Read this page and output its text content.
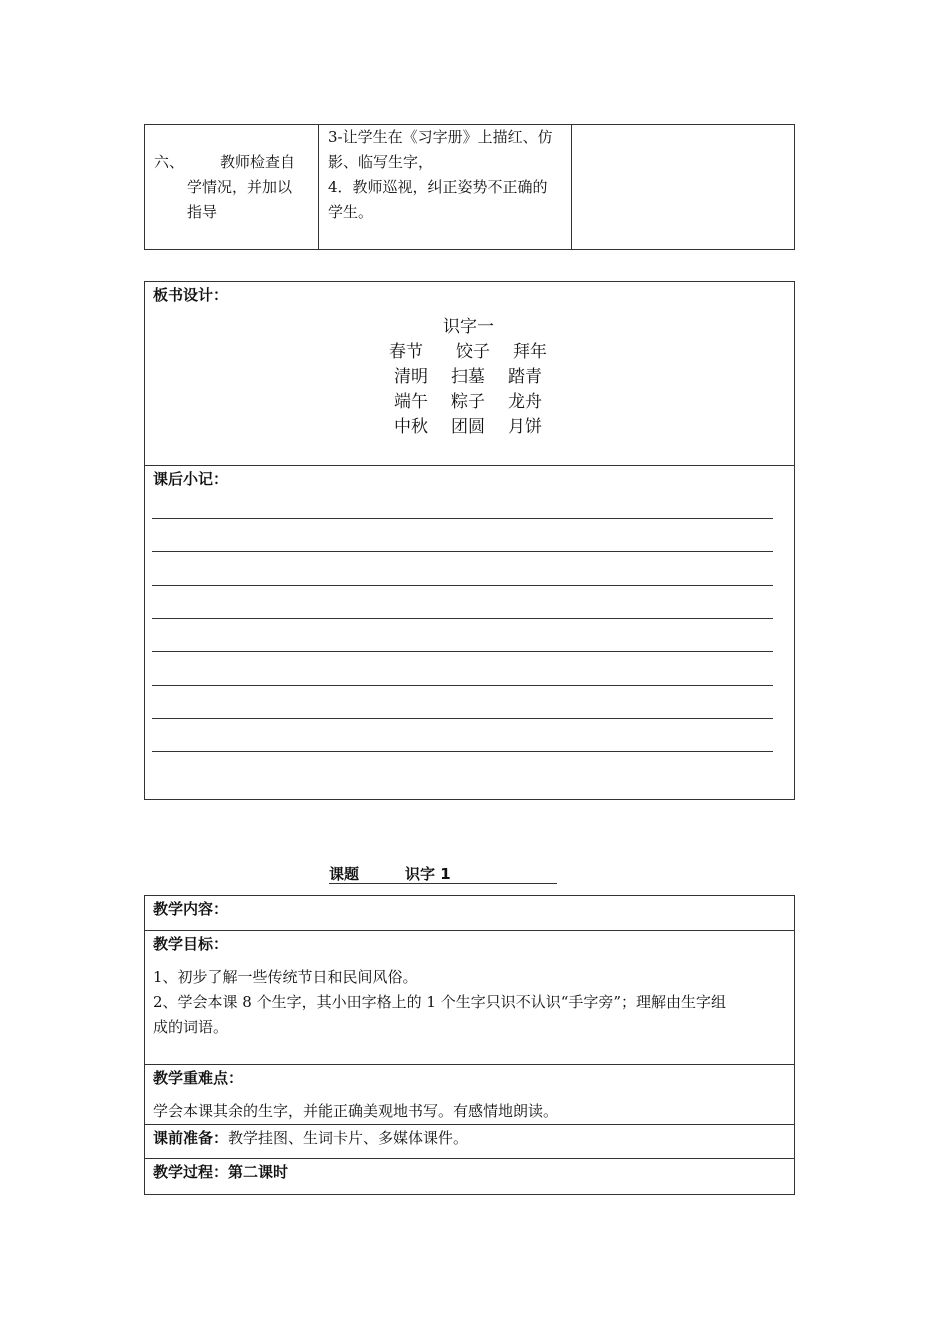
六、 教师检查自
学情况，并加以
指导
3-让学生在《习字册》上描红、仿
影、临写生字，
4．教师巡视，纠正姿势不正确的
学生。
板书设计：
识字一
春节 饺子 拜年
清明 扫墓 踏青
端午 粽子 龙舟
中秋 团圆 月饼
课后小记：
课题	识字 1
教学内容：
教学目标：
1、初步了解一些传统节日和民间风俗。
2、学会本课 8 个生字，其小田字格上的 1 个生字只识不认识“手字旁”；理解由生字组
成的词语。
教学重难点：
学会本课其余的生字，并能正确美观地书写。有感情地朗读。
课前准备：教学挂图、生词卡片、多媒体课件。
教学过程：第二课时
